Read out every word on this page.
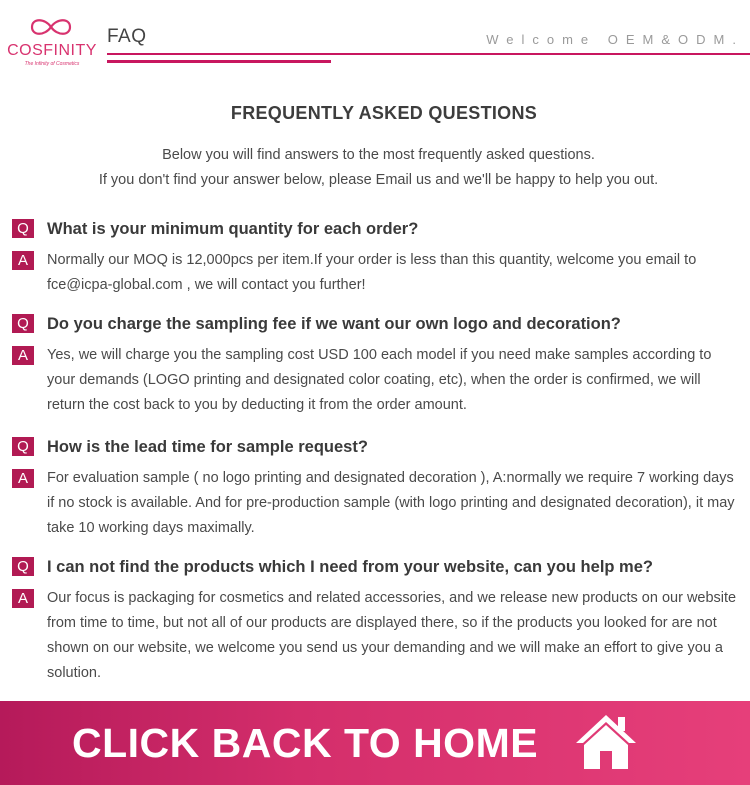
COSFINITY
The Infinity of Cosmetics
FAQ	Welcome OEM&ODM.
FREQUENTLY ASKED QUESTIONS
Below you will find answers to the most frequently asked questions.
If you don't find your answer below, please Email us and we'll be happy to help you out.
Q	What is your minimum quantity for each order?
A	Normally our MOQ is 12,000pcs per item.If your order is less than this quantity, welcome you email to fce@icpa-global.com , we will contact you further!
Q	Do you charge the sampling fee if we want our own logo and decoration?
A	Yes, we will charge you the sampling cost USD 100 each model if you need make samples according to your demands (LOGO printing and designated color coating, etc), when the order is confirmed, we will return the cost back to you by deducting it from the order amount.
Q	How is the lead time for sample request?
A	For evaluation sample ( no logo printing and designated decoration ), A:normally we require 7 working days if no stock is available. And for pre-production sample (with logo printing and designated decoration), it may take 10 working days maximally.
Q	I can not find the products which I need from your website, can you help me?
A	Our focus is packaging for cosmetics and related accessories, and we release new products on our website from time to time, but not all of our products are displayed there, so if the products you looked for are not shown on our website, we welcome you send us your demanding and we will make an effort to give you a solution.
CLICK BACK TO HOME
